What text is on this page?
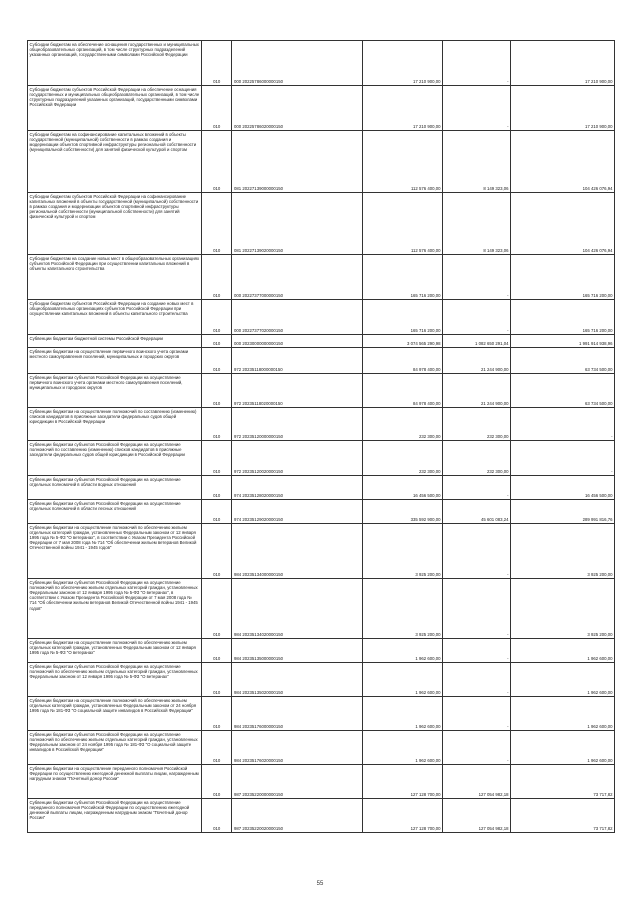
Субсидии бюджетам на обеспечение оснащения государственных и муниципальных общеобразовательных организаций, в том числе структурных подразделений указанных организаций, государственными символами Российской Федерации	010	000 20225786000000150	17 210 900,00	-	17 210 900,00
Субсидии бюджетам субъектов Российской Федерации на обеспечение оснащения государственных и муниципальных общеобразовательных организаций, в том числе структурных подразделений указанных организаций, государственными символами Российской Федерации	010	000 20225786020000150	17 210 900,00	-	17 210 900,00
Субсидии бюджетам на софинансирование капитальных вложений в объекты государственной (муниципальной) собственности в рамках создания и модернизации объектов спортивной инфраструктуры региональной собственности (муниципальной собственности) для занятий физической культурой и спортом	010	081 20227139000000150	112 576 400,00	8 149 323,06	104 426 076,94
Субсидии бюджетам субъектов Российской Федерации на софинансирование капитальных вложений в объекты государственной (муниципальной) собственности в рамках создания и модернизации объектов спортивной инфраструктуры региональной собственности (муниципальной собственности) для занятий физической культурой и спортом	010	081 20227139020000150	112 576 400,00	8 149 323,06	104 426 076,94
Субсидии бюджетам на создание новых мест в общеобразовательных организациях субъектов Российской Федерации при осуществлении капитальных вложений в объекты капитального строительства	010	000 20227377000000150	165 716 200,00	-	165 716 200,00
Субсидии бюджетам субъектов Российской Федерации на создание новых мест в общеобразовательных организациях субъектов Российской Федерации при осуществлении капитальных вложений в объекты капитального строительства	010	000 20227377020000150	165 716 200,00	-	165 716 200,00
Субвенции бюджетам бюджетной системы Российской Федерации	010	000 20230000000000150	3 074 565 290,98	1 082 650 291,04	1 991 914 938,96
Субвенции бюджетам на осуществление первичного воинского учета органами местного самоуправления поселений, муниципальных и городских округов	010	972 20235118000000150	84 978 400,00	21 244 900,00	63 734 500,00
Субвенции бюджетам субъектов Российской Федерации на осуществление первичного воинского учета органами местного самоуправления поселений, муниципальных и городских округов	010	972 20235118020000150	84 978 400,00	21 244 900,00	63 734 500,00
Субвенции бюджетам на осуществление полномочий по составлению (изменению) списков кандидатов в присяжные заседатели федеральных судов общей юрисдикции в Российской Федерации	010	972 20235120000000150	232 300,00	232 300,00	-
Субвенции бюджетам субъектов Российской Федерации на осуществление полномочий по составлению (изменению) списков кандидатов в присяжные заседатели федеральных судов общей юрисдикции в Российской Федерации	010	972 20235120020000150	232 300,00	232 300,00	-
Субвенции бюджетам субъектов Российской Федерации на осуществление отдельных полномочий в области водных отношений	010	974 20235128020000150	16 456 500,00	-	16 456 500,00
Субвенции бюджетам субъектов Российской Федерации на осуществление отдельных полномочий в области лесных отношений	010	974 20235129020000150	335 592 900,00	45 601 083,24	289 991 816,76
Субвенции бюджетам на осуществление полномочий по обеспечению жильем отдельных категорий граждан, установленных Федеральным законом от 12 января 1995 года № 5-ФЗ "О ветеранах", в соответствии с Указом Президента Российской Федерации от 7 мая 2008 года № 714 "Об обеспечении жильем ветеранов Великой Отечественной войны 1941 - 1945 годов"	010	984 20235134000000150	3 925 200,00	-	3 925 200,00
Субвенции бюджетам субъектов Российской Федерации на осуществление полномочий по обеспечению жильем отдельных категорий граждан, установленных Федеральным законом от 12 января 1995 года № 5-ФЗ "О ветеранах", в соответствии с Указом Президента Российской Федерации от 7 мая 2008 года № 714 "Об обеспечении жильем ветеранов Великой Отечественной войны 1941 - 1945 годов"	010	984 20235134020000150	3 925 200,00	-	3 925 200,00
Субвенции бюджетам на осуществление полномочий по обеспечению жильем отдельных категорий граждан, установленных Федеральным законом от 12 января 1995 года № 5-ФЗ "О ветеранах"	010	984 20235135000000150	1 962 600,00	-	1 962 600,00
Субвенции бюджетам субъектов Российской Федерации на осуществление полномочий по обеспечению жильем отдельных категорий граждан, установленных Федеральным законом от 12 января 1995 года № 5-ФЗ "О ветеранах"	010	984 20235135020000150	1 962 600,00	-	1 962 600,00
Субвенции бюджетам на осуществление полномочий по обеспечению жильем отдельных категорий граждан, установленных Федеральным законом от 24 ноября 1995 года № 181-ФЗ "О социальной защите инвалидов в Российской Федерации"	010	984 20235176000000150	1 962 600,00	-	1 962 600,00
Субвенции бюджетам субъектов Российской Федерации на осуществление полномочий по обеспечению жильем отдельных категорий граждан, установленных Федеральным законом от 24 ноября 1995 года № 181-ФЗ "О социальной защите инвалидов в Российской Федерации"	010	984 20235176020000150	1 962 600,00	-	1 962 600,00
Субвенции бюджетам на осуществление переданного полномочия Российской Федерации по осуществлению ежегодной денежной выплаты лицам, награжденным нагрудным знаком "Почетный донор России"	010	987 20235220000000150	127 128 700,00	127 054 982,18	73 717,82
Субвенции бюджетам субъектов Российской Федерации на осуществление переданного полномочия Российской Федерации по осуществлению ежегодной денежной выплаты лицам, награжденным нагрудным знаком "Почетный донор России"	010	987 20235220020000150	127 128 700,00	127 054 982,18	73 717,82
55
